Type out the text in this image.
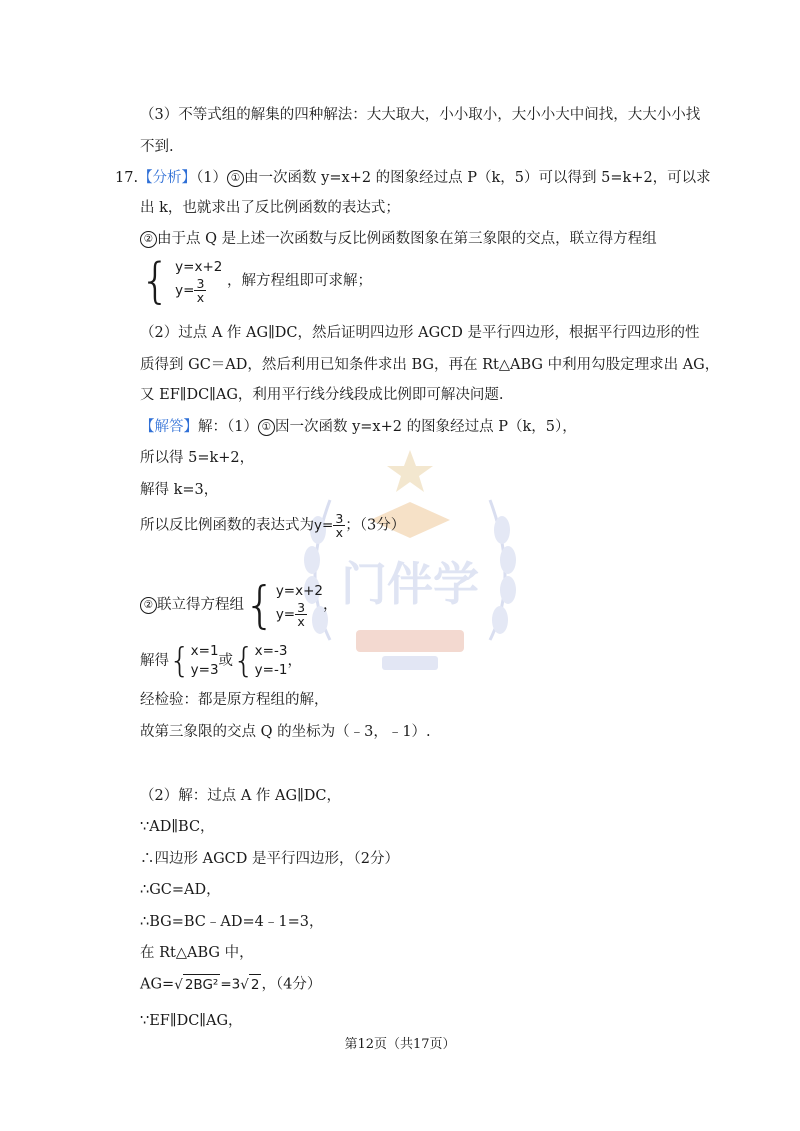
门伴学
（3）不等式组的解集的四种解法：大大取大，小小取小，大小小大中间找，大大小小找
不到.
17.【分析】（1） ① 由一次函数 y=x+2 的图象经过点 P（k，5）可以得到 5=k+2，可以求
出 k，也就求出了反比例函数的表达式；
② 由于点 Q 是上述一次函数与反比例函数图象在第三象限的交点，联立得方程组
{ y=x+2
$y= \frac{3}{x}$ ，解方程组即可求解；
（2）过点 A 作 AG∥DC，然后证明四边形 AGCD 是平行四边形，根据平行四边形的性
质得到 GC＝AD，然后利用已知条件求出 BG，再在 Rt△ABG 中利用勾股定理求出 AG，
又 EF∥DC∥AG，利用平行线分线段成比例即可解决问题.
【解答】解：（1） ① 因一次函数 y=x+2 的图象经过点 P（k，5），
所以得 5=k+2，
解得 k=3，
所以反比例函数的表达式为$y= \frac{3}{x}$ ；（3分）
② 联立得方程组{ y=x+2
$y= \frac{3}{x}$ ，
解得{ x=1
y=3
或{ x=-3
y=-1
，
经检验：都是原方程组的解，
故第三象限的交点 Q 的坐标为（﹣3，﹣1）.
（2）解：过点 A 作 AG∥DC，
∵AD∥BC，
∴四边形 AGCD 是平行四边形，（2分）
∴GC=AD，
∴BG=BC﹣AD=4﹣1=3，
在 Rt△ABG 中，
AG=√ 2BG² =3√ 2 ，（4分）
∵EF∥DC∥AG，
第12页（共17页）
